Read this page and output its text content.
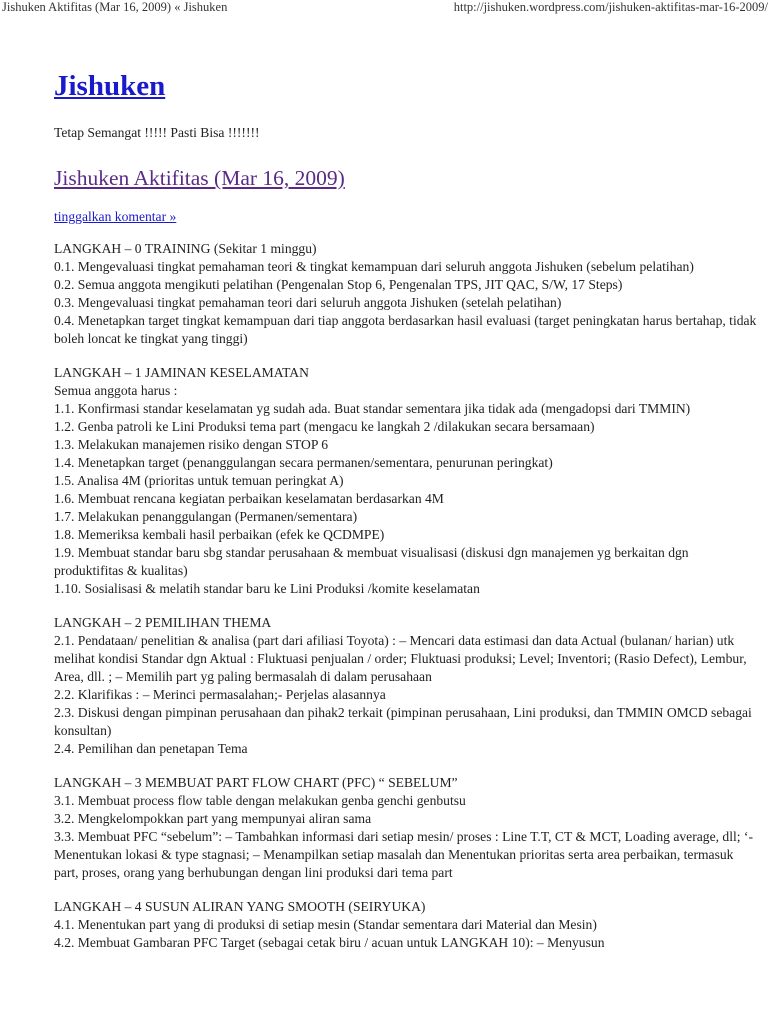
Jishuken Aktifitas (Mar 16, 2009) « Jishuken	http://jishuken.wordpress.com/jishuken-aktifitas-mar-16-2009/
Jishuken
Tetap Semangat !!!!! Pasti Bisa !!!!!!!
Jishuken Aktifitas (Mar 16, 2009)
tinggalkan komentar »

LANGKAH – 0 TRAINING (Sekitar 1 minggu)

0.1. Mengevaluasi tingkat pemahaman teori & tingkat kemampuan dari seluruh anggota Jishuken (sebelum pelatihan)

0.2. Semua anggota mengikuti pelatihan (Pengenalan Stop 6, Pengenalan TPS, JIT QAC, S/W, 17 Steps)

0.3. Mengevaluasi tingkat pemahaman teori dari seluruh anggota Jishuken (setelah pelatihan)

0.4. Menetapkan target tingkat kemampuan dari tiap anggota berdasarkan hasil evaluasi (target peningkatan harus bertahap, tidak boleh loncat ke tingkat yang tinggi)

LANGKAH – 1 JAMINAN KESELAMATAN

Semua anggota harus :

1.1. Konfirmasi standar keselamatan yg sudah ada. Buat standar sementara jika tidak ada (mengadopsi dari TMMIN)

1.2. Genba patroli ke Lini Produksi tema part (mengacu ke langkah 2 /dilakukan secara bersamaan)

1.3. Melakukan manajemen risiko dengan STOP 6

1.4. Menetapkan target (penanggulangan secara permanen/sementara, penurunan peringkat)

1.5. Analisa 4M (prioritas untuk temuan peringkat A)

1.6. Membuat rencana kegiatan perbaikan keselamatan berdasarkan 4M

1.7. Melakukan penanggulangan (Permanen/sementara)

1.8. Memeriksa kembali hasil perbaikan (efek ke QCDMPE)

1.9. Membuat standar baru sbg standar perusahaan & membuat visualisasi (diskusi dgn manajemen yg berkaitan dgn produktifitas & kualitas)

1.10. Sosialisasi & melatih standar baru ke Lini Produksi /komite keselamatan

LANGKAH – 2 PEMILIHAN THEMA

2.1. Pendataan/ penelitian & analisa (part dari afiliasi Toyota) : – Mencari data estimasi dan data Actual (bulanan/ harian) utk melihat kondisi Standar dgn Aktual : Fluktuasi penjualan / order; Fluktuasi produksi; Level; Inventori; (Rasio Defect), Lembur, Area, dll. ; – Memilih part yg paling bermasalah di dalam perusahaan

2.2. Klarifikas : – Merinci permasalahan;- Perjelas alasannya

2.3. Diskusi dengan pimpinan perusahaan dan pihak2 terkait (pimpinan perusahaan, Lini produksi, dan TMMIN OMCD sebagai konsultan)

2.4. Pemilihan dan penetapan Tema

LANGKAH – 3 MEMBUAT PART FLOW CHART (PFC) “ SEBELUM”

3.1. Membuat process flow table dengan melakukan genba genchi genbutsu

3.2. Mengkelompokkan part yang mempunyai aliran sama

3.3. Membuat PFC “sebelum”: – Tambahkan informasi dari setiap mesin/ proses : Line T.T, CT & MCT, Loading average, dll; ‘- Menentukan lokasi & type stagnasi; – Menampilkan setiap masalah dan Menentukan prioritas serta area perbaikan, termasuk part, proses, orang yang berhubungan dengan lini produksi dari tema part

LANGKAH – 4 SUSUN ALIRAN YANG SMOOTH (SEIRYUKA)

4.1. Menentukan part yang di produksi di setiap mesin (Standar sementara dari Material dan Mesin)

4.2. Membuat Gambaran PFC Target (sebagai cetak biru / acuan untuk LANGKAH 10): – Menyusun
